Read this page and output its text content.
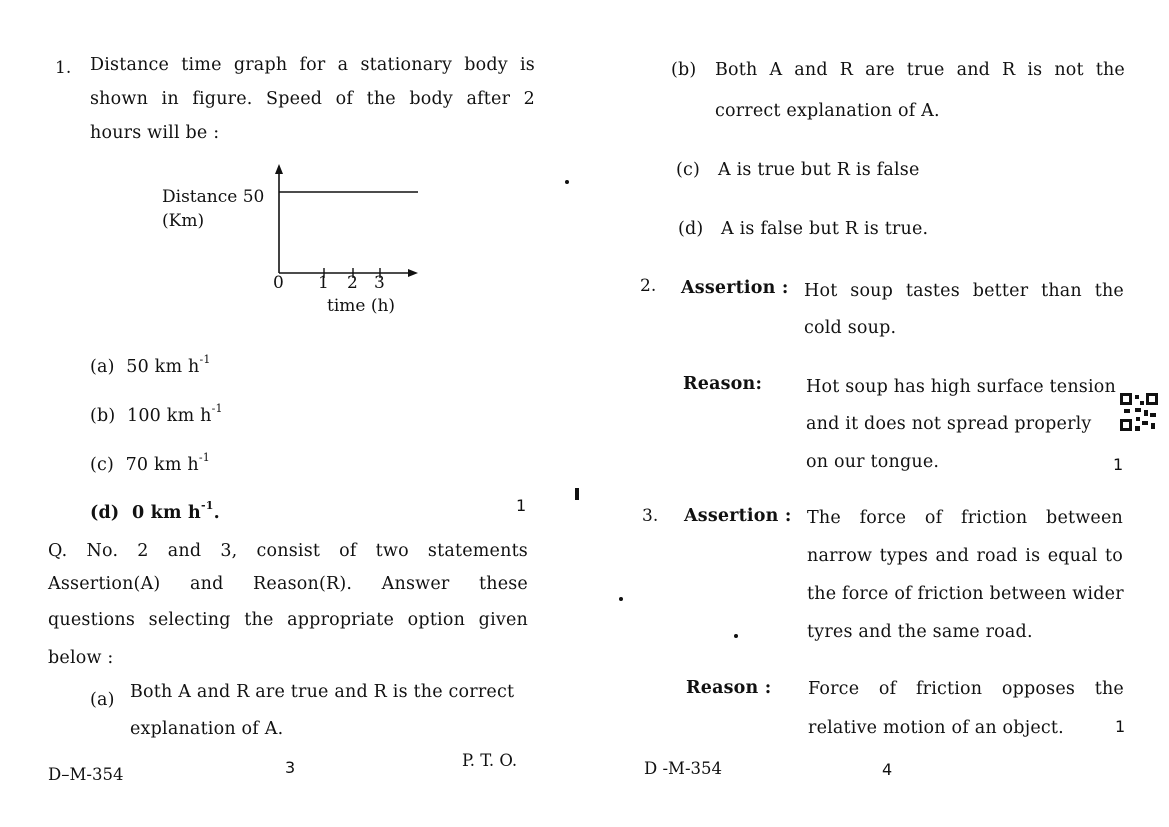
1. Distance time graph for a stationary body is
shown in figure. Speed of the body after 2
hours will be :
Distance 50
(Km)
0 1 2 3
time (h)
(a) 50 km $h^{-1}$
(b) 100 km $h^{-1}$
(c) 70 km $h^{-1}$
(d) 0 km $h^{-1}$.	1
Q. No. 2 and 3, consist of two statements
Assertion(A) and Reason(R). Answer these
questions selecting the appropriate option given
below :
(a) Both A and R are true and R is the correct
explanation of A.
D–M-354	3	P. T. O.
(b) Both A and R are true and R is not the
correct explanation of A.
(c) A is true but R is false
(d) A is false but R is true.
2. Assertion : Hot soup tastes better than the
cold soup.
Reason:	Hot soup has high surface tension
and it does not spread properly
on our tongue.	1
3. Assertion : The force of friction between
narrow types and road is equal to
the force of friction between wider
tyres and the same road.
Reason : Force of friction opposes the
relative motion of an object.	1
D -M-354	4
